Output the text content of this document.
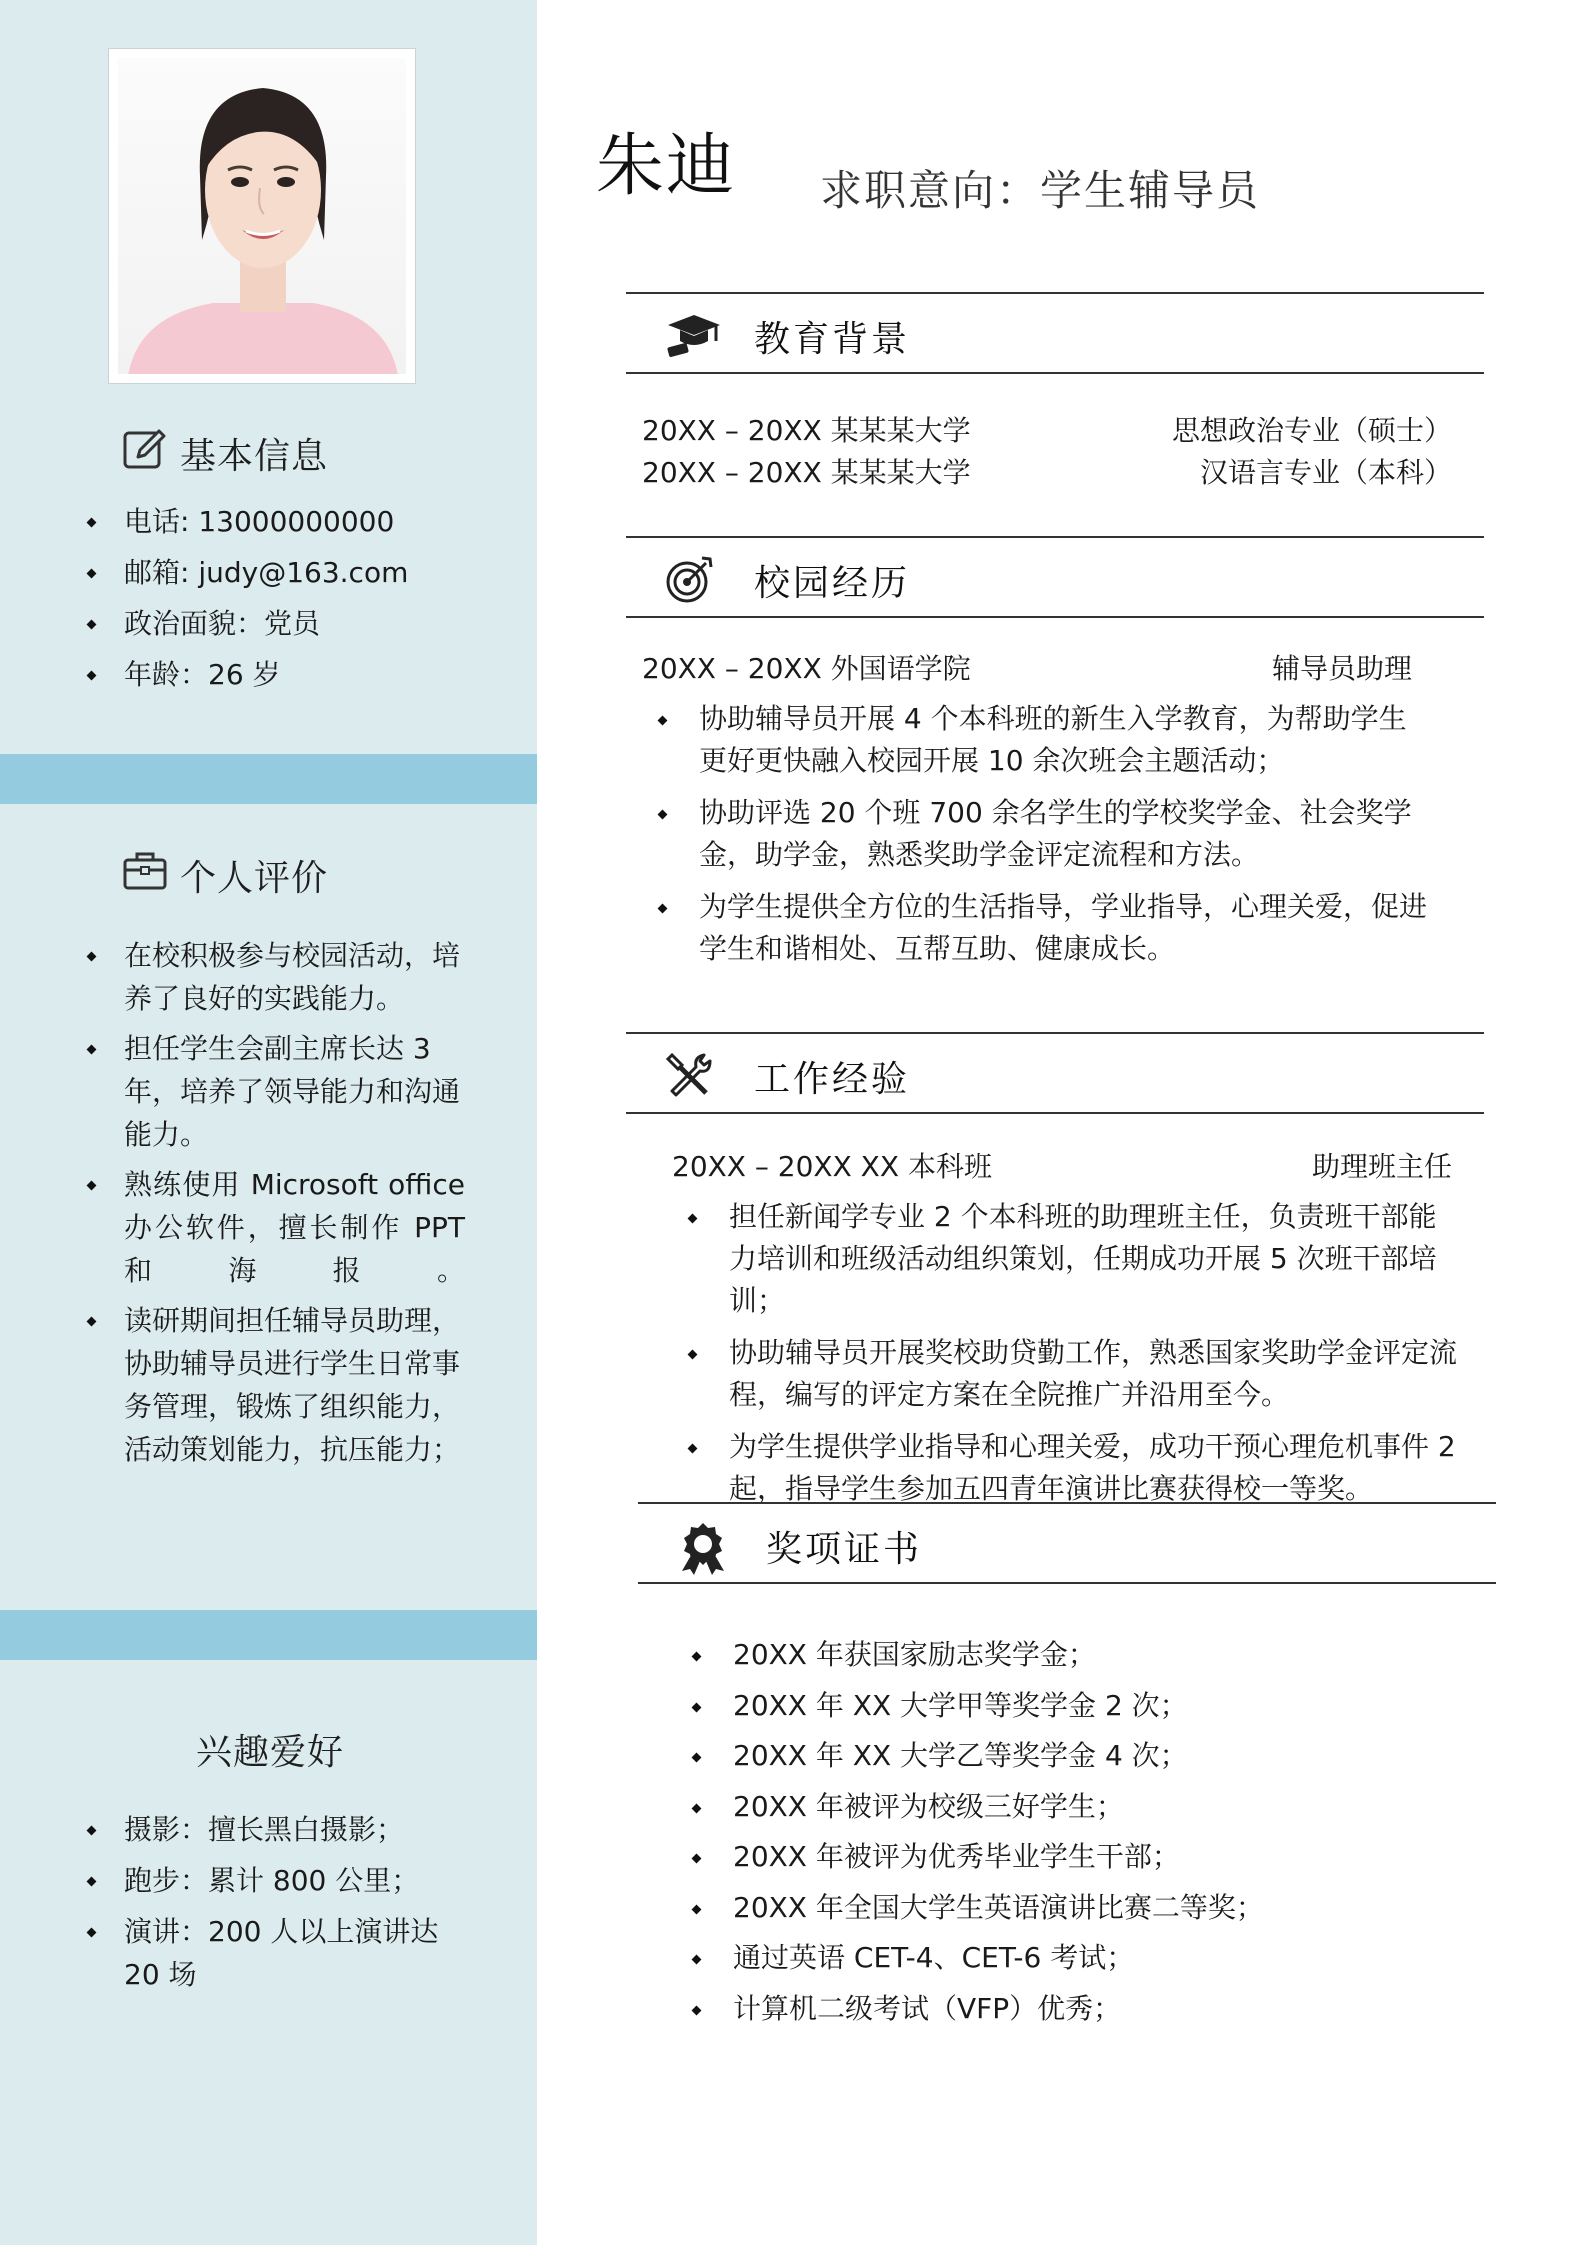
基本信息
电话: 13000000000
邮箱: judy@163.com
政治面貌：党员
年龄：26 岁
个人评价
在校积极参与校园活动，培养了良好的实践能力。
担任学生会副主席长达 3 年，培养了领导能力和沟通能力。
熟练使用 Microsoft office 办公软件，擅长制作 PPT 和海报。
读研期间担任辅导员助理，协助辅导员进行学生日常事务管理，锻炼了组织能力，活动策划能力，抗压能力；
兴趣爱好
摄影：擅长黑白摄影；
跑步：累计 800 公里；
演讲：200 人以上演讲达 20 场
朱迪 求职意向：学生辅导员
教育背景
20XX – 20XX 某某某大学	思想政治专业（硕士）
20XX – 20XX 某某某大学	汉语言专业（本科）
校园经历
20XX – 20XX 外国语学院	辅导员助理
协助辅导员开展 4 个本科班的新生入学教育，为帮助学生更好更快融入校园开展 10 余次班会主题活动；
协助评选 20 个班 700 余名学生的学校奖学金、社会奖学金，助学金，熟悉奖助学金评定流程和方法。
为学生提供全方位的生活指导，学业指导，心理关爱，促进学生和谐相处、互帮互助、健康成长。
工作经验
20XX – 20XX XX 本科班	助理班主任
担任新闻学专业 2 个本科班的助理班主任，负责班干部能力培训和班级活动组织策划，任期成功开展 5 次班干部培训；
协助辅导员开展奖校助贷勤工作，熟悉国家奖助学金评定流程，编写的评定方案在全院推广并沿用至今。
为学生提供学业指导和心理关爱，成功干预心理危机事件 2 起，指导学生参加五四青年演讲比赛获得校一等奖。
奖项证书
20XX 年获国家励志奖学金；
20XX 年 XX 大学甲等奖学金 2 次；
20XX 年 XX 大学乙等奖学金 4 次；
20XX 年被评为校级三好学生；
20XX 年被评为优秀毕业学生干部；
20XX 年全国大学生英语演讲比赛二等奖；
通过英语 CET-4、CET-6 考试；
计算机二级考试（VFP）优秀；
